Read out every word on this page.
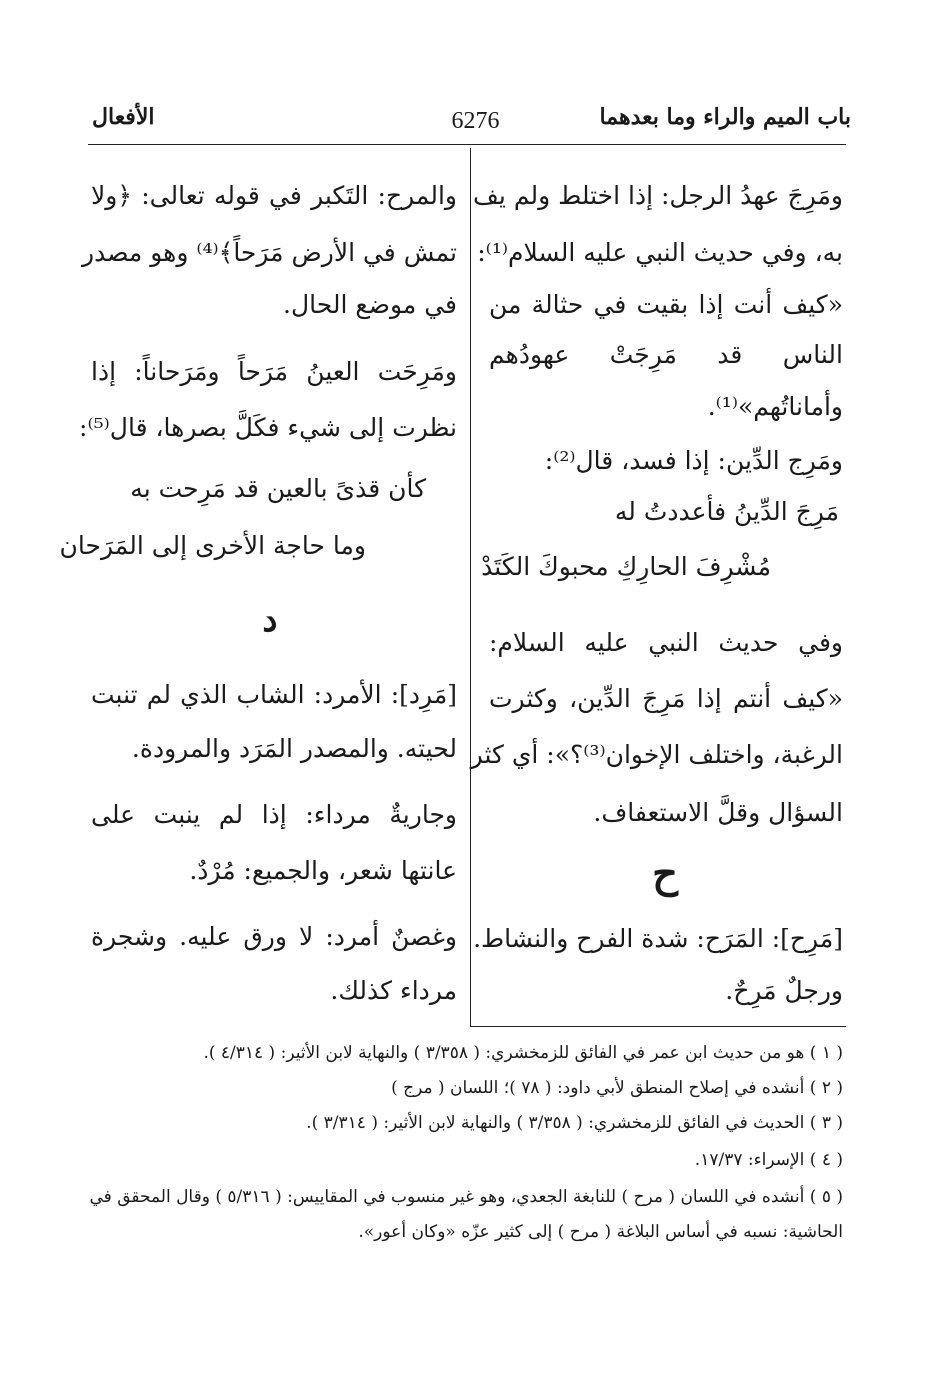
باب الميم والراء وما بعدهما
6276
الأفعال
ومَرِجَ عهدُ الرجل: إذا اختلط ولم يف
به، وفي حديث النبي عليه السلام⁽¹⁾:
«كيف أنت إذا بقيت في حثالة من
الناس قد مَرِجَتْ عهودُهم
وأماناتُهم»⁽¹⁾.
ومَرِج الدِّين: إذا فسد، قال⁽²⁾:
مَرِجَ الدِّينُ فأعددتُ له
مُشْرِفَ الحارِكِ محبوكَ الكَتَدْ
وفي حديث النبي عليه السلام:
«كيف أنتم إذا مَرِجَ الدِّين، وكثرت
الرغبة، واختلف الإخوان⁽³⁾؟»: أي كثر
السؤال وقلَّ الاستعفاف.
ح
[مَرِح]: المَرَح: شدة الفرح والنشاط.
ورجلٌ مَرِحٌ.
والمرح: التَكبر في قوله تعالى: ﴿ولا
تمش في الأرض مَرَحاً﴾⁽⁴⁾ وهو مصدر
في موضع الحال.
ومَرِحَت العينُ مَرَحاً ومَرَحاناً: إذا
نظرت إلى شيء فكَلَّ بصرها، قال⁽⁵⁾:
كأن قذىً بالعين قد مَرِحت به
وما حاجة الأخرى إلى المَرَحان
د
[مَرِد]: الأمرد: الشاب الذي لم تنبت
لحيته. والمصدر المَرَد والمرودة.
وجاريةٌ مرداء: إذا لم ينبت على
عانتها شعر، والجميع: مُرْدٌ.
وغصنٌ أمرد: لا ورق عليه. وشجرة
مرداء كذلك.
( ١ ) هو من حديث ابن عمر في الفائق للزمخشري: ( ٣/٣٥٨ ) والنهاية لابن الأثير: ( ٤/٣١٤ ).
( ٢ ) أنشده في إصلاح المنطق لأبي داود: ( ٧٨ )؛ اللسان ( مرج )
( ٣ ) الحديث في الفائق للزمخشري: ( ٣/٣٥٨ ) والنهاية لابن الأثير: ( ٣/٣١٤ ).
( ٤ ) الإسراء: ١٧/٣٧.
( ٥ ) أنشده في اللسان ( مرح ) للنابغة الجعدي، وهو غير منسوب في المقاييس: ( ٥/٣١٦ ) وقال المحقق في
الحاشية: نسبه في أساس البلاغة ( مرح ) إلى كثير عزّه «وكان أعور».
